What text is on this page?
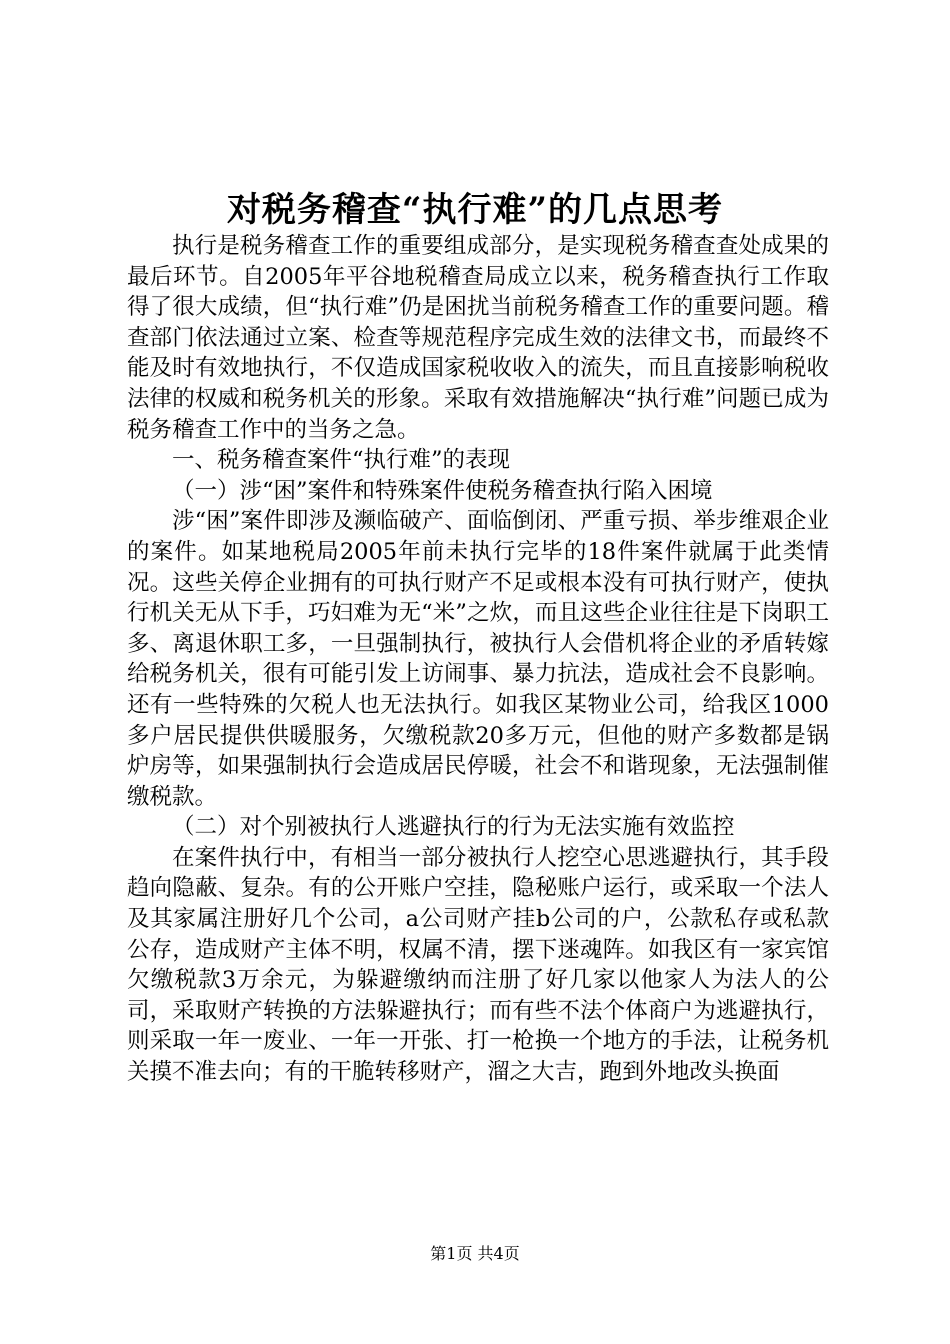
对税务稽查“执行难”的几点思考

执行是税务稽查工作的重要组成部分，是实现税务稽查查处成果的最后环节。自2005年平谷地税稽查局成立以来，税务稽查执行工作取得了很大成绩，但“执行难”仍是困扰当前税务稽查工作的重要问题。稽查部门依法通过立案、检查等规范程序完成生效的法律文书，而最终不能及时有效地执行，不仅造成国家税收收入的流失，而且直接影响税收法律的权威和税务机关的形象。采取有效措施解决“执行难”问题已成为税务稽查工作中的当务之急。

一、税务稽查案件“执行难”的表现

（一）涉“困”案件和特殊案件使税务稽查执行陷入困境

涉“困”案件即涉及濒临破产、面临倒闭、严重亏损、举步维艰企业的案件。如某地税局2005年前未执行完毕的18件案件就属于此类情况。这些关停企业拥有的可执行财产不足或根本没有可执行财产，使执行机关无从下手，巧妇难为无“米”之炊，而且这些企业往往是下岗职工多、离退休职工多，一旦强制执行，被执行人会借机将企业的矛盾转嫁给税务机关，很有可能引发上访闹事、暴力抗法，造成社会不良影响。还有一些特殊的欠税人也无法执行。如我区某物业公司，给我区1000多户居民提供供暖服务，欠缴税款20多万元，但他的财产多数都是锅炉房等，如果强制执行会造成居民停暖，社会不和谐现象，无法强制催缴税款。

（二）对个别被执行人逃避执行的行为无法实施有效监控

在案件执行中，有相当一部分被执行人挖空心思逃避执行，其手段趋向隐蔽、复杂。有的公开账户空挂，隐秘账户运行，或采取一个法人及其家属注册好几个公司，a公司财产挂b公司的户，公款私存或私款公存，造成财产主体不明，权属不清，摆下迷魂阵。如我区有一家宾馆欠缴税款3万余元，为躲避缴纳而注册了好几家以他家人为法人的公司，采取财产转换的方法躲避执行；而有些不法个体商户为逃避执行，则采取一年一废业、一年一开张、打一枪换一个地方的手法，让税务机关摸不准去向；有的干脆转移财产，溜之大吉，跑到外地改头换面

第1页 共4页
